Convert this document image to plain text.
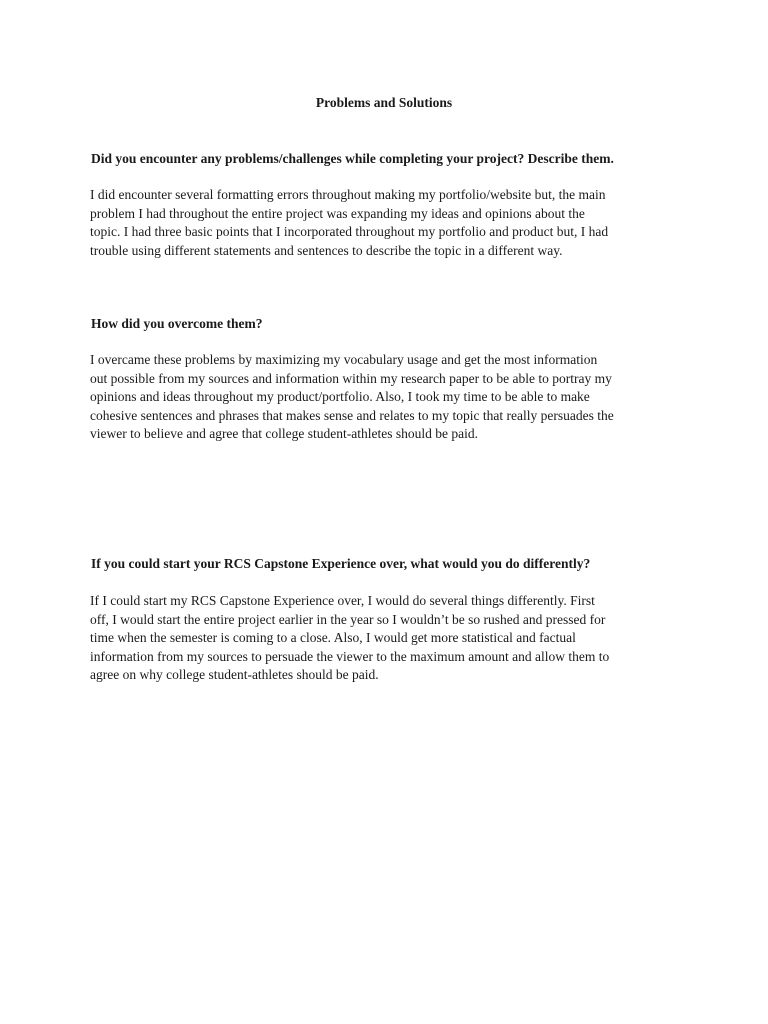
Problems and Solutions
Did you encounter any problems/challenges while completing your project? Describe them.
I did encounter several formatting errors throughout making my portfolio/website but, the main
problem I had throughout the entire project was expanding my ideas and opinions about the
topic. I had three basic points that I incorporated throughout my portfolio and product but, I had
trouble using different statements and sentences to describe the topic in a different way.
How did you overcome them?
I overcame these problems by maximizing my vocabulary usage and get the most information
out possible from my sources and information within my research paper to be able to portray my
opinions and ideas throughout my product/portfolio. Also, I took my time to be able to make
cohesive sentences and phrases that makes sense and relates to my topic that really persuades the
viewer to believe and agree that college student-athletes should be paid.
If you could start your RCS Capstone Experience over, what would you do differently?
If I could start my RCS Capstone Experience over, I would do several things differently. First
off, I would start the entire project earlier in the year so I wouldn’t be so rushed and pressed for
time when the semester is coming to a close. Also, I would get more statistical and factual
information from my sources to persuade the viewer to the maximum amount and allow them to
agree on why college student-athletes should be paid.
